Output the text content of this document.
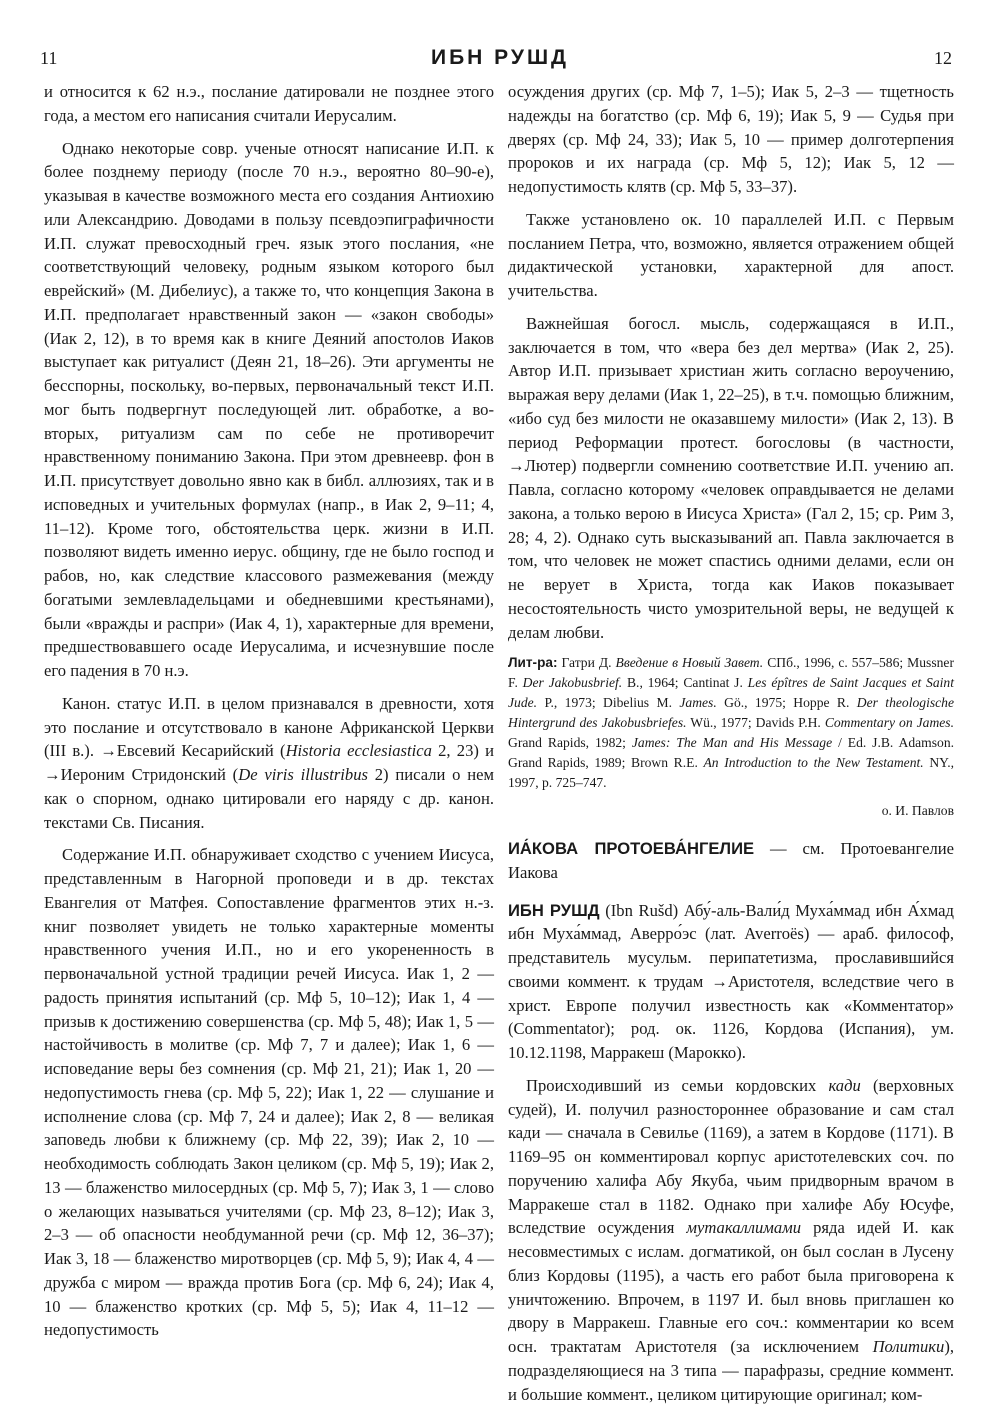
11	ИБН РУШД	12

и относится к 62 н.э., послание датировали не позднее этого года, а местом его написания считали Иерусалим.

Однако некоторые совр. ученые относят написание И.П. к более позднему периоду (после 70 н.э., вероятно 80–90-е), указывая в качестве возможного места его создания Антиохию или Александрию. Доводами в пользу псевдоэпиграфичности И.П. служат превосходный греч. язык этого послания, «не соответствующий человеку, родным языком которого был еврейский» (М. Дибелиус), а также то, что концепция Закона в И.П. предполагает нравственный закон — «закон свободы» (Иак 2, 12), в то время как в книге Деяний апостолов Иаков выступает как ритуалист (Деян 21, 18–26). Эти аргументы не бесспорны, поскольку, во-первых, первоначальный текст И.П. мог быть подвергнут последующей лит. обработке, а во-вторых, ритуализм сам по себе не противоречит нравственному пониманию Закона. При этом древнеевр. фон в И.П. присутствует довольно явно как в библ. аллюзиях, так и в исповедных и учительных формулах (напр., в Иак 2, 9–11; 4, 11–12). Кроме того, обстоятельства церк. жизни в И.П. позволяют видеть именно иерус. общину, где не было господ и рабов, но, как следствие классового размежевания (между богатыми землевладельцами и обедневшими крестьянами), были «вражды и распри» (Иак 4, 1), характерные для времени, предшествовавшего осаде Иерусалима, и исчезнувшие после его падения в 70 н.э.

Канон. статус И.П. в целом признавался в древности, хотя это послание и отсутствовало в каноне Африканской Церкви (III в.). →Евсевий Кесарийский (Historia ecclesiastica 2, 23) и →Иероним Стридонский (De viris illustribus 2) писали о нем как о спорном, однако цитировали его наряду с др. канон. текстами Св. Писания.

Содержание И.П. обнаруживает сходство с учением Иисуса, представленным в Нагорной проповеди и в др. текстах Евангелия от Матфея. Сопоставление фрагментов этих н.-з. книг позволяет увидеть не только характерные моменты нравственного учения И.П., но и его укорененность в первоначальной устной традиции речей Иисуса. Иак 1, 2 — радость принятия испытаний (ср. Мф 5, 10–12); Иак 1, 4 — призыв к достижению совершенства (ср. Мф 5, 48); Иак 1, 5 — настойчивость в молитве (ср. Мф 7, 7 и далее); Иак 1, 6 — исповедание веры без сомнения (ср. Мф 21, 21); Иак 1, 20 — недопустимость гнева (ср. Мф 5, 22); Иак 1, 22 — слушание и исполнение слова (ср. Мф 7, 24 и далее); Иак 2, 8 — великая заповедь любви к ближнему (ср. Мф 22, 39); Иак 2, 10 — необходимость соблюдать Закон целиком (ср. Мф 5, 19); Иак 2, 13 — блаженство милосердных (ср. Мф 5, 7); Иак 3, 1 — слово о желающих называться учителями (ср. Мф 23, 8–12); Иак 3, 2–3 — об опасности необдуманной речи (ср. Мф 12, 36–37); Иак 3, 18 — блаженство миротворцев (ср. Мф 5, 9); Иак 4, 4 — дружба с миром — вражда против Бога (ср. Мф 6, 24); Иак 4, 10 — блаженство кротких (ср. Мф 5, 5); Иак 4, 11–12 — недопустимость

осуждения других (ср. Мф 7, 1–5); Иак 5, 2–3 — тщетность надежды на богатство (ср. Мф 6, 19); Иак 5, 9 — Судья при дверях (ср. Мф 24, 33); Иак 5, 10 — пример долготерпения пророков и их награда (ср. Мф 5, 12); Иак 5, 12 — недопустимость клятв (ср. Мф 5, 33–37).

Также установлено ок. 10 параллелей И.П. с Первым посланием Петра, что, возможно, является отражением общей дидактической установки, характерной для апост. учительства.

Важнейшая богосл. мысль, содержащаяся в И.П., заключается в том, что «вера без дел мертва» (Иак 2, 25). Автор И.П. призывает христиан жить согласно вероучению, выражая веру делами (Иак 1, 22–25), в т.ч. помощью ближним, «ибо суд без милости не оказавшему милости» (Иак 2, 13). В период Реформации протест. богословы (в частности, →Лютер) подвергли сомнению соответствие И.П. учению ап. Павла, согласно которому «человек оправдывается не делами закона, а только верою в Иисуса Христа» (Гал 2, 15; ср. Рим 3, 28; 4, 2). Однако суть высказываний ап. Павла заключается в том, что человек не может спастись одними делами, если он не верует в Христа, тогда как Иаков показывает несостоятельность чисто умозрительной веры, не ведущей к делам любви.

Лит-ра: Гатри Д. Введение в Новый Завет. СПб., 1996, с. 557–586; Mussner F. Der Jakobusbrief. B., 1964; Cantinat J. Les épîtres de Saint Jacques et Saint Jude. P., 1973; Dibelius M. James. Gö., 1975; Hoppe R. Der theologische Hintergrund des Jakobusbriefes. Wü., 1977; Davids P.H. Commentary on James. Grand Rapids, 1982; James: The Man and His Message / Ed. J.B. Adamson. Grand Rapids, 1989; Brown R.E. An Introduction to the New Testament. NY., 1997, p. 725–747.

о. И. Павлов

ИА́КОВА ПРОТОЕВА́НГЕЛИЕ — см. Протоевангелие Иакова

ИБН РУШД (Ibn Rušd) Абу́-аль-Вали́д Муха́ммад ибн А́хмад ибн Муха́ммад, Аверро́эс (лат. Averroës) — араб. философ, представитель мусульм. перипатетизма, прославившийся своими коммент. к трудам →Аристотеля, вследствие чего в христ. Европе получил известность как «Комментатор» (Commentator); род. ок. 1126, Кордова (Испания), ум. 10.12.1198, Марракеш (Марокко).

Происходивший из семьи кордовских кади (верховных судей), И. получил разностороннее образование и сам стал кади — сначала в Севилье (1169), а затем в Кордове (1171). В 1169–95 он комментировал корпус аристотелевских соч. по поручению халифа Абу Якуба, чьим придворным врачом в Марракеше стал в 1182. Однако при халифе Абу Юсуфе, вследствие осуждения мутакаллимами ряда идей И. как несовместимых с ислам. догматикой, он был сослан в Лусену близ Кордовы (1195), а часть его работ была приговорена к уничтожению. Впрочем, в 1197 И. был вновь приглашен ко двору в Марракеш. Главные его соч.: комментарии ко всем осн. трактатам Аристотеля (за исключением Политики), подразделяющиеся на 3 типа — парафразы, средние коммент. и большие коммент., целиком цитирующие оригинал; ком-
